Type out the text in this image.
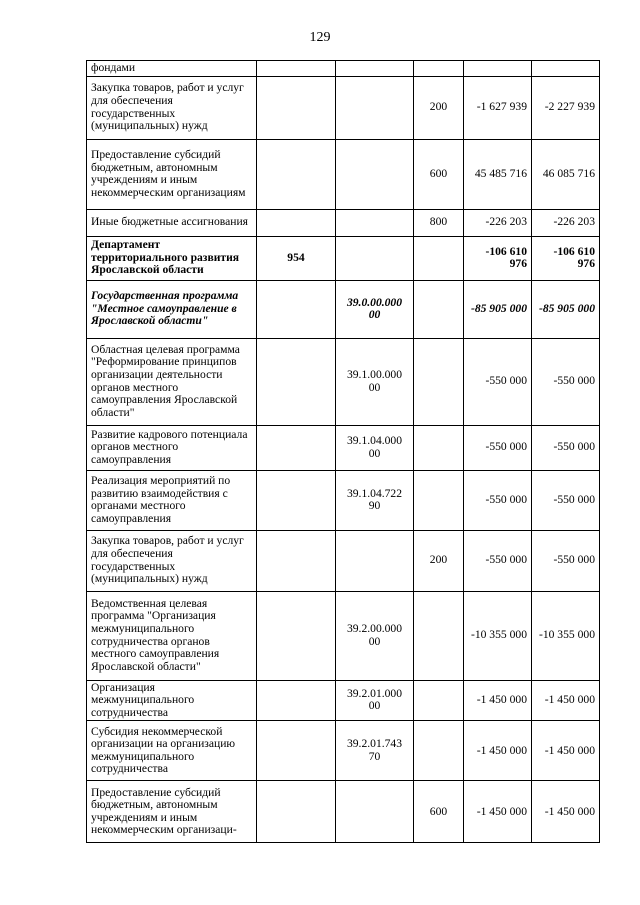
129
фондами					
Закупка товаров, работ и услуг для обеспечения государственных (муниципальных) нужд			200	-1 627 939	-2 227 939
Предоставление субсидий бюджетным, автономным учреждениям и иным некоммерческим организациям			600	45 485 716	46 085 716
Иные бюджетные ассигнования			800	-226 203	-226 203
Департамент территориального развития Ярославской области	954			-106 610 976	-106 610 976
Государственная программа "Местное самоуправление в Ярославской области"		39.0.00.000 00		-85 905 000	-85 905 000
Областная целевая программа "Реформирование принципов организации деятельности органов местного самоуправления Ярославской области"		39.1.00.000 00		-550 000	-550 000
Развитие кадрового потенциала органов местного самоуправления		39.1.04.000 00		-550 000	-550 000
Реализация мероприятий по развитию взаимодействия с органами местного самоуправления		39.1.04.722 90		-550 000	-550 000
Закупка товаров, работ и услуг для обеспечения государственных (муниципальных) нужд			200	-550 000	-550 000
Ведомственная целевая программа "Организация межмуниципального сотрудничества органов местного самоуправления Ярославской области"		39.2.00.000 00		-10 355 000	-10 355 000
Организация межмуниципального сотрудничества		39.2.01.000 00		-1 450 000	-1 450 000
Субсидия некоммерческой организации на организацию межмуниципального сотрудничества		39.2.01.743 70		-1 450 000	-1 450 000
Предоставление субсидий бюджетным, автономным учреждениям и иным некоммерческим организаци-			600	-1 450 000	-1 450 000
